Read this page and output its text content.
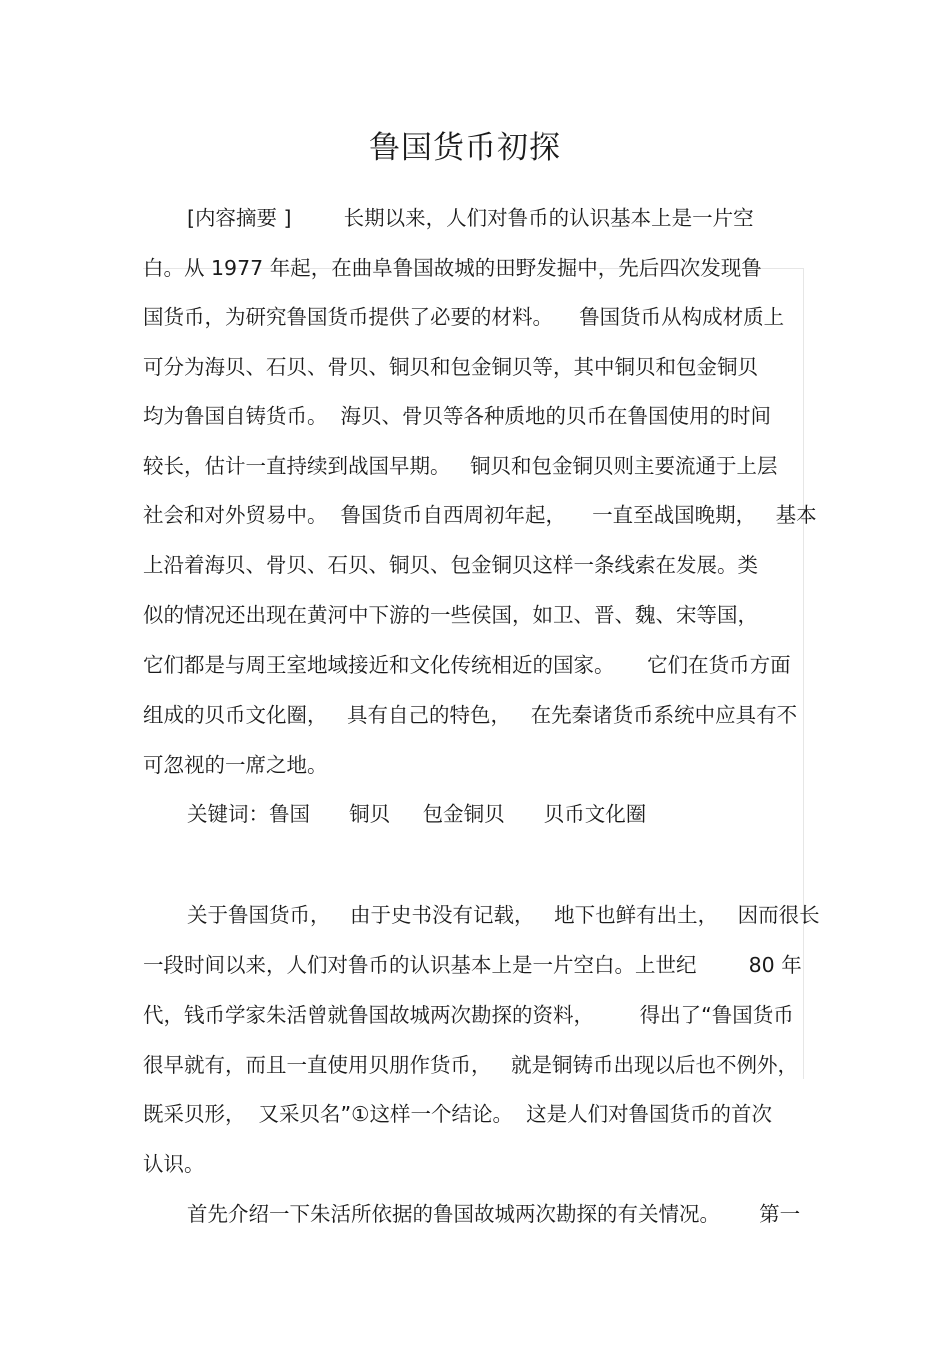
鲁国货币初探
[内容摘要 ]	长期以来，人们对鲁币的认识基本上是一片空
白。从 1977 年起，在曲阜鲁国故城的田野发掘中，先后四次发现鲁
国货币，为研究鲁国货币提供了必要的材料。    鲁国货币从构成材质上
可分为海贝、石贝、骨贝、铜贝和包金铜贝等，其中铜贝和包金铜贝
均为鲁国自铸货币。  海贝、骨贝等各种质地的贝币在鲁国使用的时间
较长，估计一直持续到战国早期。   铜贝和包金铜贝则主要流通于上层
社会和对外贸易中。  鲁国货币自西周初年起，    一直至战国晚期，   基本
上沿着海贝、骨贝、石贝、铜贝、包金铜贝这样一条线索在发展。类
似的情况还出现在黄河中下游的一些侯国，如卫、晋、魏、宋等国，
它们都是与周王室地域接近和文化传统相近的国家。     它们在货币方面
组成的贝币文化圈，   具有自己的特色，   在先秦诸货币系统中应具有不
可忽视的一席之地。
关键词：鲁国      铜贝     包金铜贝      贝币文化圈
关于鲁国货币，   由于史书没有记载，   地下也鲜有出土，   因而很长
一段时间以来，人们对鲁币的认识基本上是一片空白。上世纪        80 年
代，钱币学家朱活曾就鲁国故城两次勘探的资料，       得出了“鲁国货币
很早就有，而且一直使用贝朋作货币，   就是铜铸币出现以后也不例外，
既采贝形，  又采贝名”①这样一个结论。  这是人们对鲁国货币的首次
认识。
首先介绍一下朱活所依据的鲁国故城两次勘探的有关情况。      第一
